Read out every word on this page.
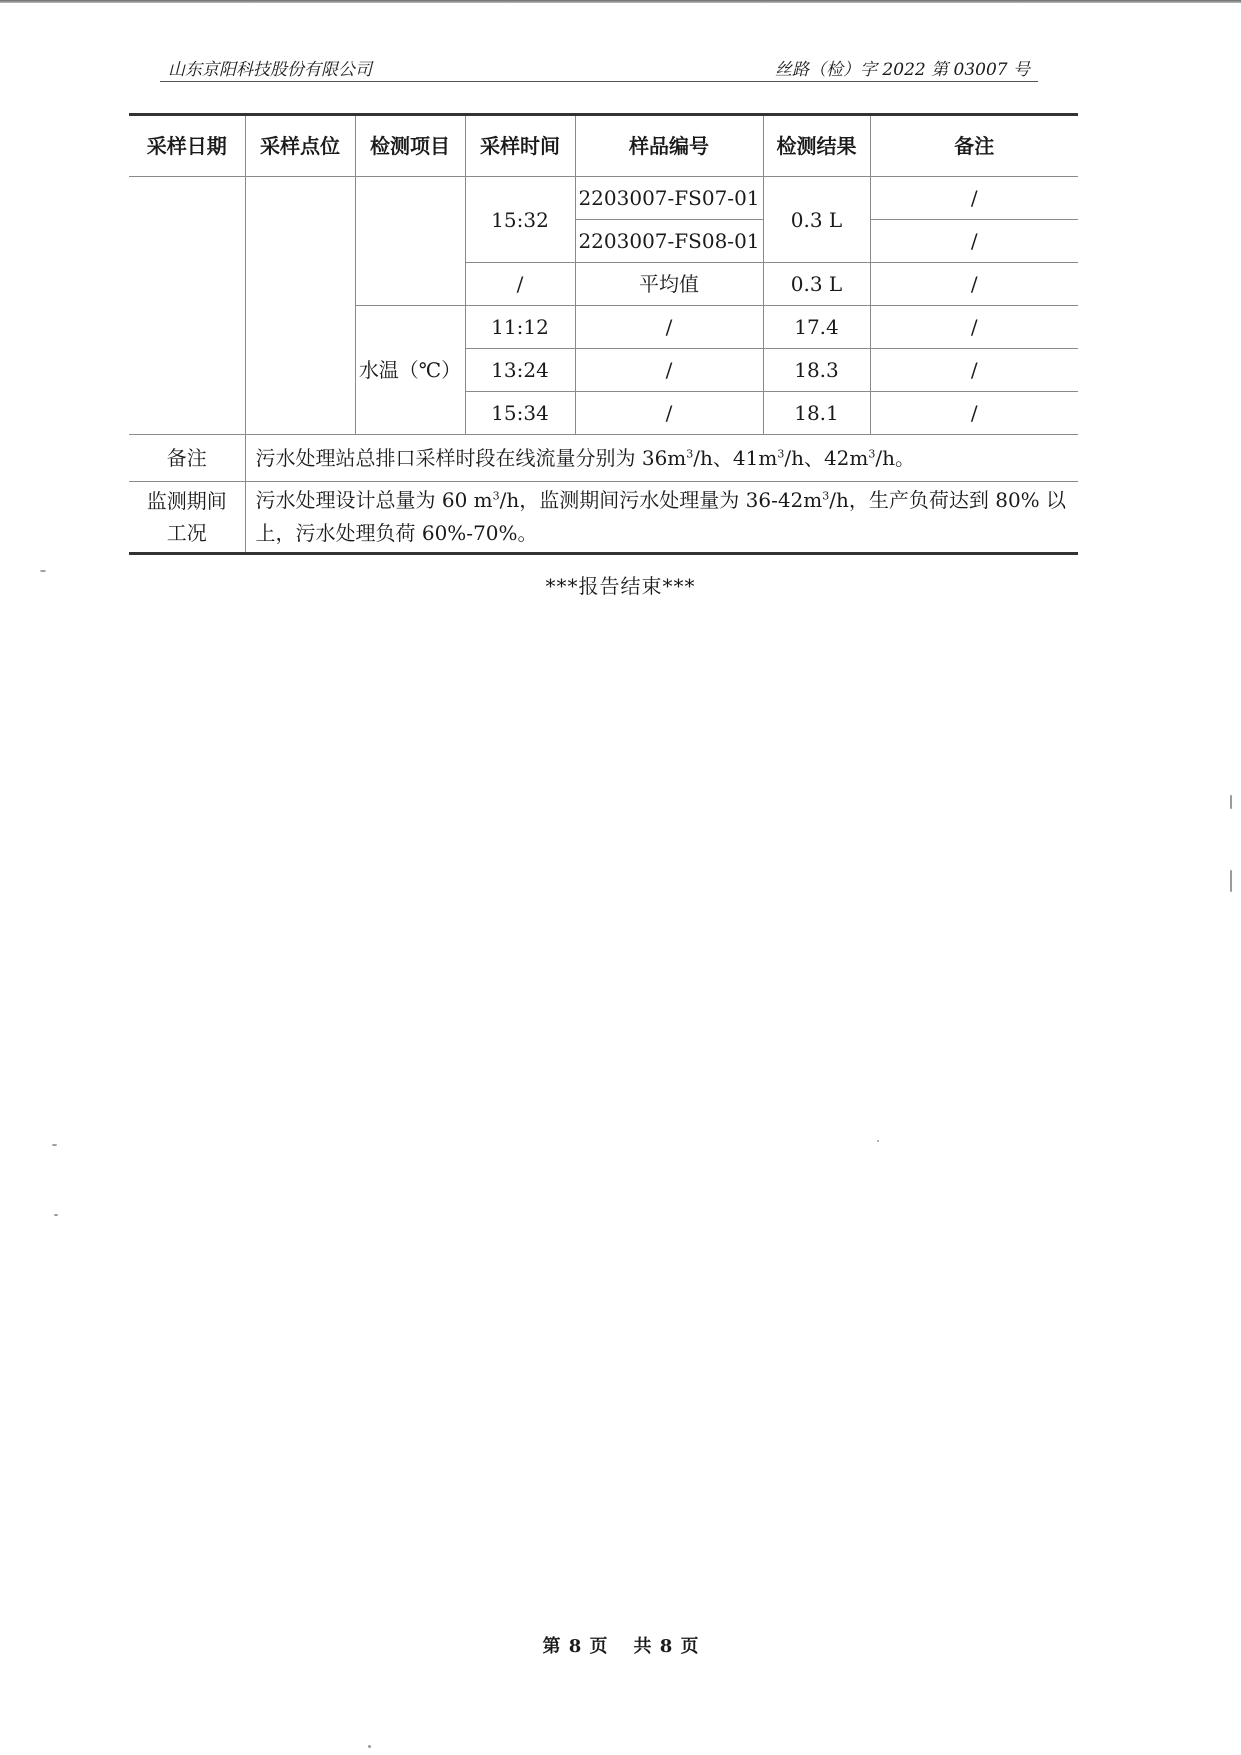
山东京阳科技股份有限公司	丝路（检）字 2022 第 03007 号
采样日期	采样点位	检测项目	采样时间	样品编号	检测结果	备注
			15:32	2203007-FS07-01	0.3 L	/
				2203007-FS08-01		/
			/	平均值	0.3 L	/
		水温（℃）	11:12	/	17.4	/
			13:24	/	18.3	/
			15:34	/	18.1	/
备注	污水处理站总排口采样时段在线流量分别为 $36m^3/h$、$41m^3/h$、$42m^3/h$。					

监测期间
工况	污水处理设计总量为 60 $m^3/h$，监测期间污水处理量为 $36-42m^3/h$，生产负荷达到 80% 以上，污水处理负荷 60%-70%。					
***报告结束***
第 8 页 共 8 页
